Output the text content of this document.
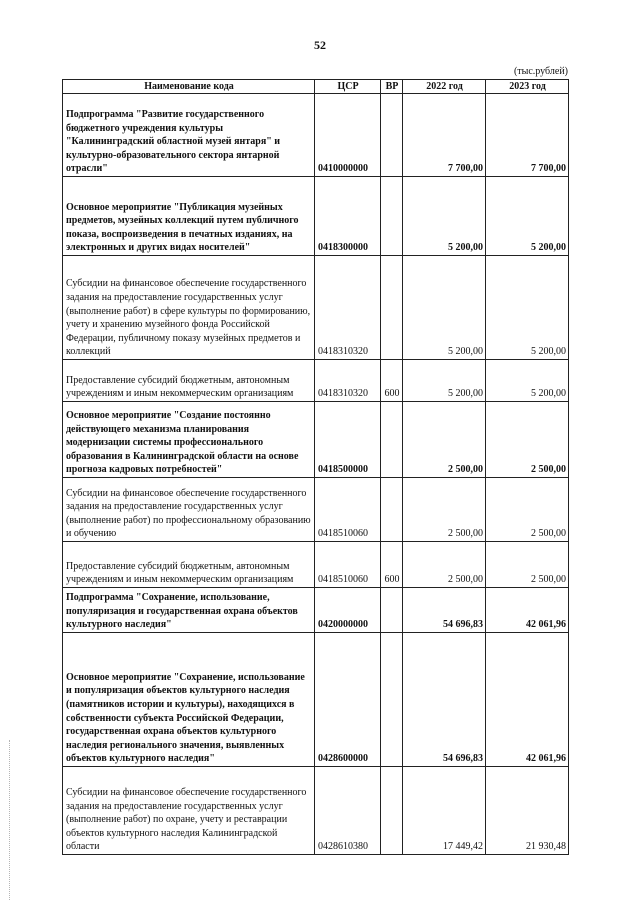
52
(тыс.рублей)
Наименование кода	ЦСР	ВР	2022 год	2023 год
Подпрограмма "Развитие государственного бюджетного учреждения культуры "Калининградский областной музей янтаря" и культурно-образовательного сектора янтарной отрасли"	0410000000		7 700,00	7 700,00
Основное мероприятие "Публикация музейных предметов, музейных коллекций путем публичного показа, воспроизведения в печатных изданиях, на электронных и других видах носителей"	0418300000		5 200,00	5 200,00
Субсидии на финансовое обеспечение государственного задания на предоставление государственных услуг (выполнение работ) в сфере культуры по формированию, учету и хранению музейного фонда Российской Федерации, публичному показу музейных предметов и коллекций	0418310320		5 200,00	5 200,00
Предоставление субсидий бюджетным, автономным учреждениям и иным некоммерческим организациям	0418310320	600	5 200,00	5 200,00
Основное мероприятие "Создание постоянно действующего механизма планирования модернизации системы профессионального образования в Калининградской области на основе прогноза кадровых потребностей"	0418500000		2 500,00	2 500,00
Субсидии на финансовое обеспечение государственного задания на предоставление государственных услуг (выполнение работ) по профессиональному образованию и обучению	0418510060		2 500,00	2 500,00
Предоставление субсидий бюджетным, автономным учреждениям и иным некоммерческим организациям	0418510060	600	2 500,00	2 500,00
Подпрограмма "Сохранение, использование, популяризация и государственная охрана объектов культурного наследия"	0420000000		54 696,83	42 061,96
Основное мероприятие "Сохранение, использование и популяризация объектов культурного наследия (памятников истории и культуры), находящихся в собственности субъекта Российской Федерации, государственная охрана объектов культурного наследия регионального значения, выявленных объектов культурного наследия"	0428600000		54 696,83	42 061,96
Субсидии на финансовое обеспечение государственного задания на предоставление государственных услуг (выполнение работ) по охране, учету и реставрации объектов культурного наследия Калининградской области	0428610380		17 449,42	21 930,48
